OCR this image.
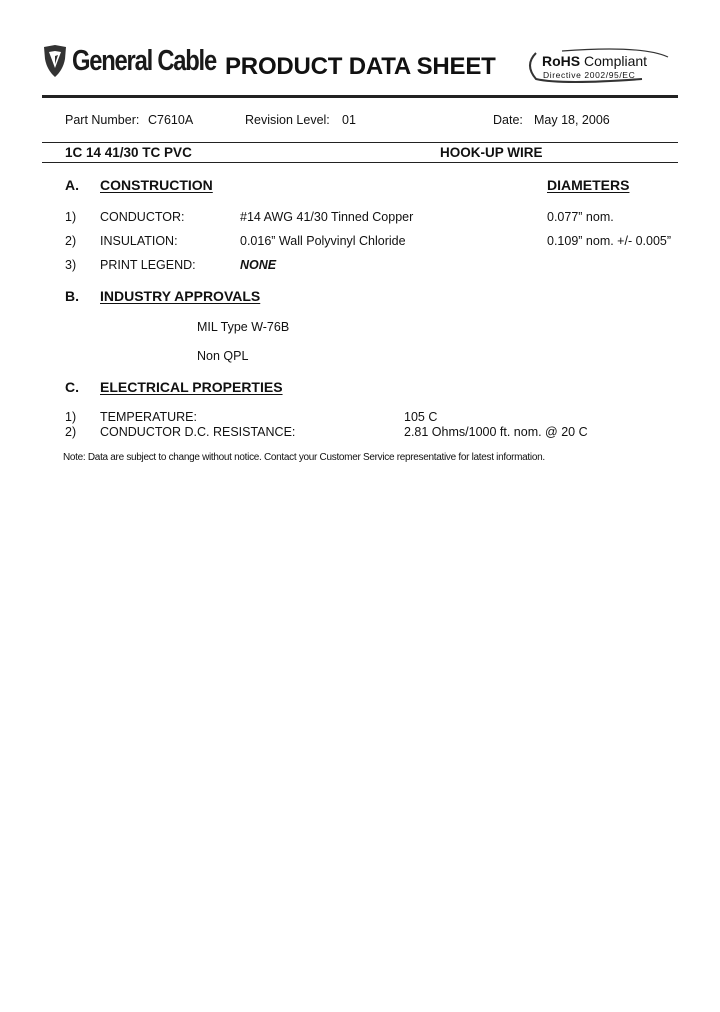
General Cable PRODUCT DATA SHEET	RoHS Compliant
Directive 2002/95/EC
Part Number: C7610A	Revision Level: 01	Date: May 18, 2006
1C 14 41/30 TC PVC	HOOK-UP WIRE
A. CONSTRUCTION	DIAMETERS
1) CONDUCTOR:	#14 AWG 41/30 Tinned Copper	0.077” nom.
2) INSULATION:	0.016” Wall Polyvinyl Chloride	0.109” nom. +/- 0.005”
3) PRINT LEGEND:	NONE
B. INDUSTRY APPROVALS
MIL Type W-76B
Non QPL
C. ELECTRICAL PROPERTIES
1) TEMPERATURE:	105 C
2) CONDUCTOR D.C. RESISTANCE:	2.81 Ohms/1000 ft. nom. @ 20 C
Note: Data are subject to change without notice. Contact your Customer Service representative for latest information.
